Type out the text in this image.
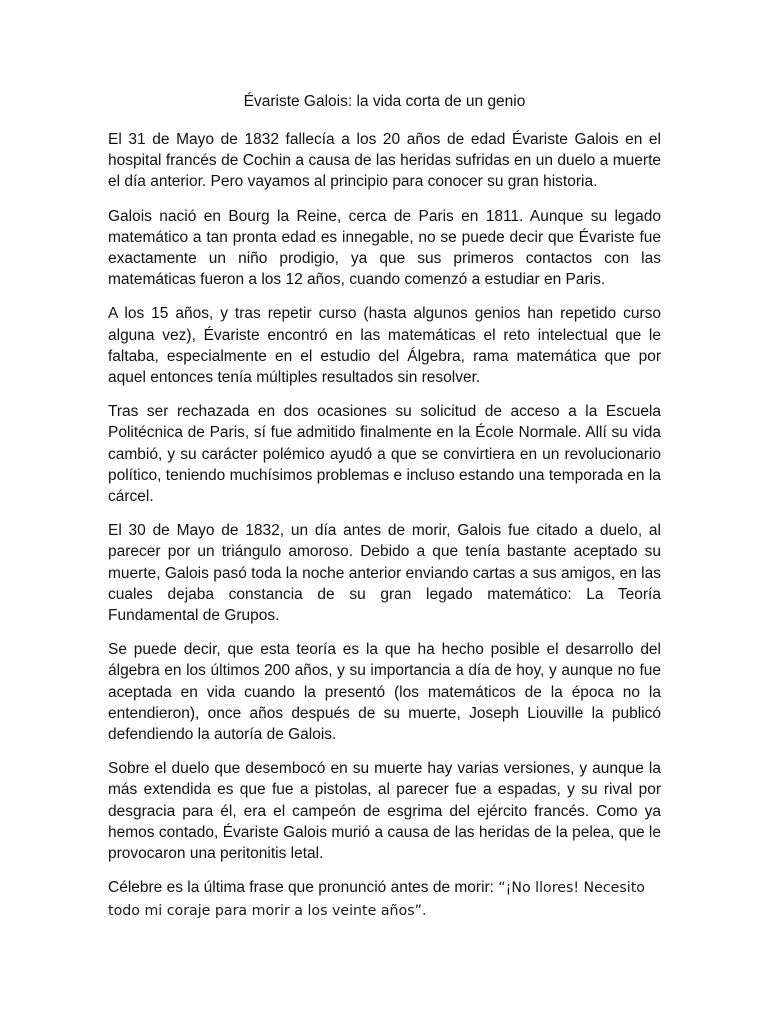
Évariste Galois: la vida corta de un genio

El 31 de Mayo de 1832 fallecía a los 20 años de edad Évariste Galois en el hospital francés de Cochin a causa de las heridas sufridas en un duelo a muerte el día anterior. Pero vayamos al principio para conocer su gran historia.

Galois nació en Bourg la Reine, cerca de Paris en 1811. Aunque su legado matemático a tan pronta edad es innegable, no se puede decir que Évariste fue exactamente un niño prodigio, ya que sus primeros contactos con las matemáticas fueron a los 12 años, cuando comenzó a estudiar en Paris.

A los 15 años, y tras repetir curso (hasta algunos genios han repetido curso alguna vez), Évariste encontró en las matemáticas el reto intelectual que le faltaba, especialmente en el estudio del Álgebra, rama matemática que por aquel entonces tenía múltiples resultados sin resolver.

Tras ser rechazada en dos ocasiones su solicitud de acceso a la Escuela Politécnica de Paris, sí fue admitido finalmente en la École Normale. Allí su vida cambió, y su carácter polémico ayudó a que se convirtiera en un revolucionario político, teniendo muchísimos problemas e incluso estando una temporada en la cárcel.

El 30 de Mayo de 1832, un día antes de morir, Galois fue citado a duelo, al parecer por un triángulo amoroso. Debido a que tenía bastante aceptado su muerte, Galois pasó toda la noche anterior enviando cartas a sus amigos, en las cuales dejaba constancia de su gran legado matemático: La Teoría Fundamental de Grupos.

Se puede decir, que esta teoría es la que ha hecho posible el desarrollo del álgebra en los últimos 200 años, y su importancia a día de hoy, y aunque no fue aceptada en vida cuando la presentó (los matemáticos de la época no la entendieron), once años después de su muerte, Joseph Liouville la publicó defendiendo la autoría de Galois.

Sobre el duelo que desembocó en su muerte hay varias versiones, y aunque la más extendida es que fue a pistolas, al parecer fue a espadas, y su rival por desgracia para él, era el campeón de esgrima del ejército francés. Como ya hemos contado, Évariste Galois murió a causa de las heridas de la pelea, que le provocaron una peritonitis letal.

Célebre es la última frase que pronunció antes de morir: “¡No llores! Necesito todo mi coraje para morir a los veinte años”.
